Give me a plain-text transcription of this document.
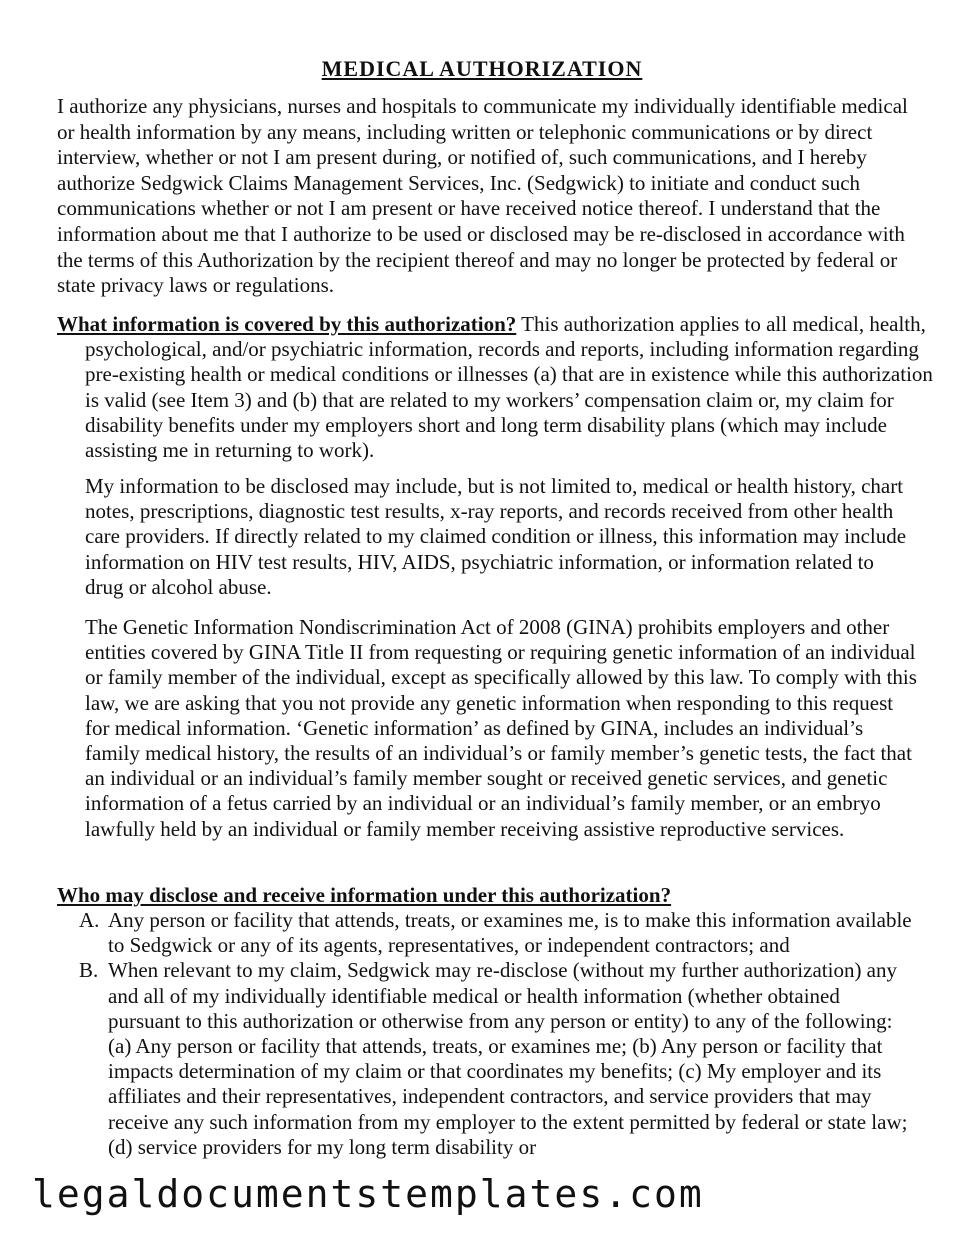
MEDICAL AUTHORIZATION

I authorize any physicians, nurses and hospitals to communicate my individually identifiable medical or health information by any means, including written or telephonic communications or by direct interview, whether or not I am present during, or notified of, such communications, and I hereby authorize Sedgwick Claims Management Services, Inc. (Sedgwick) to initiate and conduct such communications whether or not I am present or have received notice thereof. I understand that the information about me that I authorize to be used or disclosed may be re-disclosed in accordance with the terms of this Authorization by the recipient thereof and may no longer be protected by federal or state privacy laws or regulations.

What information is covered by this authorization? This authorization applies to all medical, health, psychological, and/or psychiatric information, records and reports, including information regarding pre-existing health or medical conditions or illnesses (a) that are in existence while this authorization is valid (see Item 3) and (b) that are related to my workers’ compensation claim or, my claim for disability benefits under my employers short and long term disability plans (which may include assisting me in returning to work).

My information to be disclosed may include, but is not limited to, medical or health history, chart notes, prescriptions, diagnostic test results, x-ray reports, and records received from other health care providers. If directly related to my claimed condition or illness, this information may include information on HIV test results, HIV, AIDS, psychiatric information, or information related to drug or alcohol abuse.

The Genetic Information Nondiscrimination Act of 2008 (GINA) prohibits employers and other entities covered by GINA Title II from requesting or requiring genetic information of an individual or family member of the individual, except as specifically allowed by this law. To comply with this law, we are asking that you not provide any genetic information when responding to this request for medical information. ‘Genetic information’ as defined by GINA, includes an individual’s family medical history, the results of an individual’s or family member’s genetic tests, the fact that an individual or an individual’s family member sought or received genetic services, and genetic information of a fetus carried by an individual or an individual’s family member, or an embryo lawfully held by an individual or family member receiving assistive reproductive services.

Who may disclose and receive information under this authorization?

A. Any person or facility that attends, treats, or examines me, is to make this information available to Sedgwick or any of its agents, representatives, or independent contractors; and
B. When relevant to my claim, Sedgwick may re-disclose (without my further authorization) any and all of my individually identifiable medical or health information (whether obtained pursuant to this authorization or otherwise from any person or entity) to any of the following: (a) Any person or facility that attends, treats, or examines me; (b) Any person or facility that impacts determination of my claim or that coordinates my benefits; (c) My employer and its affiliates and their representatives, independent contractors, and service providers that may receive any such information from my employer to the extent permitted by federal or state law; (d) service providers for my long term disability or
legaldocumentstemplates.com
